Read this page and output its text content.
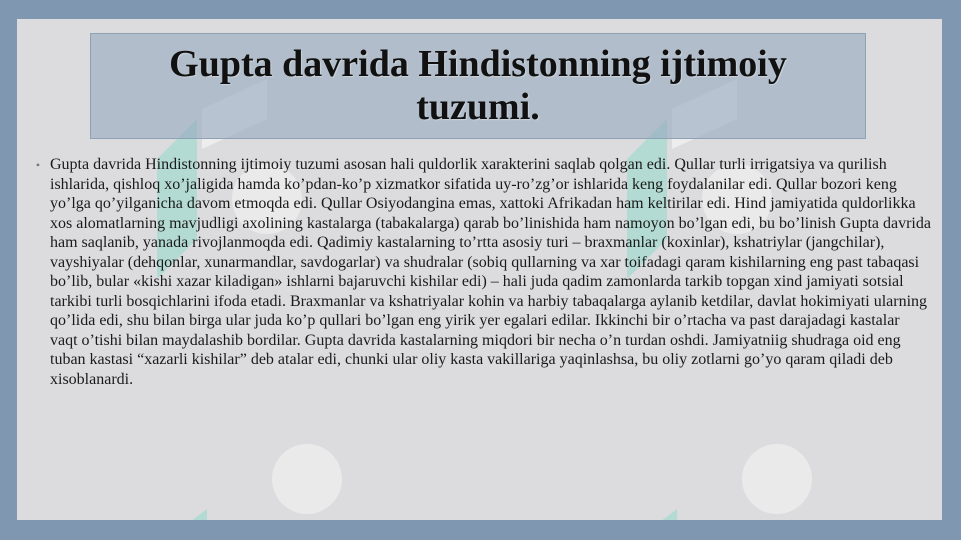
Gupta davrida Hindistonning ijtimoiy tuzumi.
• Gupta davrida Hindistonning ijtimoiy tuzumi asosan hali quldorlik xarakterini saqlab qolgan edi. Qullar turli irrigatsiya va qurilish ishlarida, qishloq xo’jaligida hamda ko’pdan-ko’p xizmatkor sifatida uy-ro’zg’or ishlarida keng foydalanilar edi. Qullar bozori keng yo’lga qo’yilganicha davom etmoqda edi. Qullar Osiyodangina emas, xattoki Afrikadan ham keltirilar edi. Hind jamiyatida quldorlikka xos alomatlarning mavjudligi axolining kastalarga (tabakalarga) qarab bo’linishida ham namoyon bo’lgan edi, bu bo’linish Gupta davrida ham saqlanib, yanada rivojlanmoqda edi. Qadimiy kastalarning to’rtta asosiy turi – braxmanlar (koxinlar), kshatriylar (jangchilar), vayshiyalar (dehqonlar, xunarmandlar, savdogarlar) va shudralar (sobiq qullarning va xar toifadagi qaram kishilarning eng past tabaqasi bo’lib, bular «kishi xazar kiladigan» ishlarni bajaruvchi kishilar edi) – hali juda qadim zamonlarda tarkib topgan xind jamiyati sotsial tarkibi turli bosqichlarini ifoda etadi. Braxmanlar va kshatriyalar kohin va harbiy tabaqalarga aylanib ketdilar, davlat hokimiyati ularning qo’lida edi, shu bilan birga ular juda ko’p qullari bo’lgan eng yirik yer egalari edilar. Ikkinchi bir o’rtacha va past darajadagi kastalar vaqt o’tishi bilan maydalashib bordilar. Gupta davrida kastalarning miqdori bir necha o’n turdan oshdi. Jamiyatniig shudraga oid eng tuban kastasi “xazarli kishilar” deb atalar edi, chunki ular oliy kasta vakillariga yaqinlashsa, bu oliy zotlarni go’yo qaram qiladi deb xisoblanardi.
